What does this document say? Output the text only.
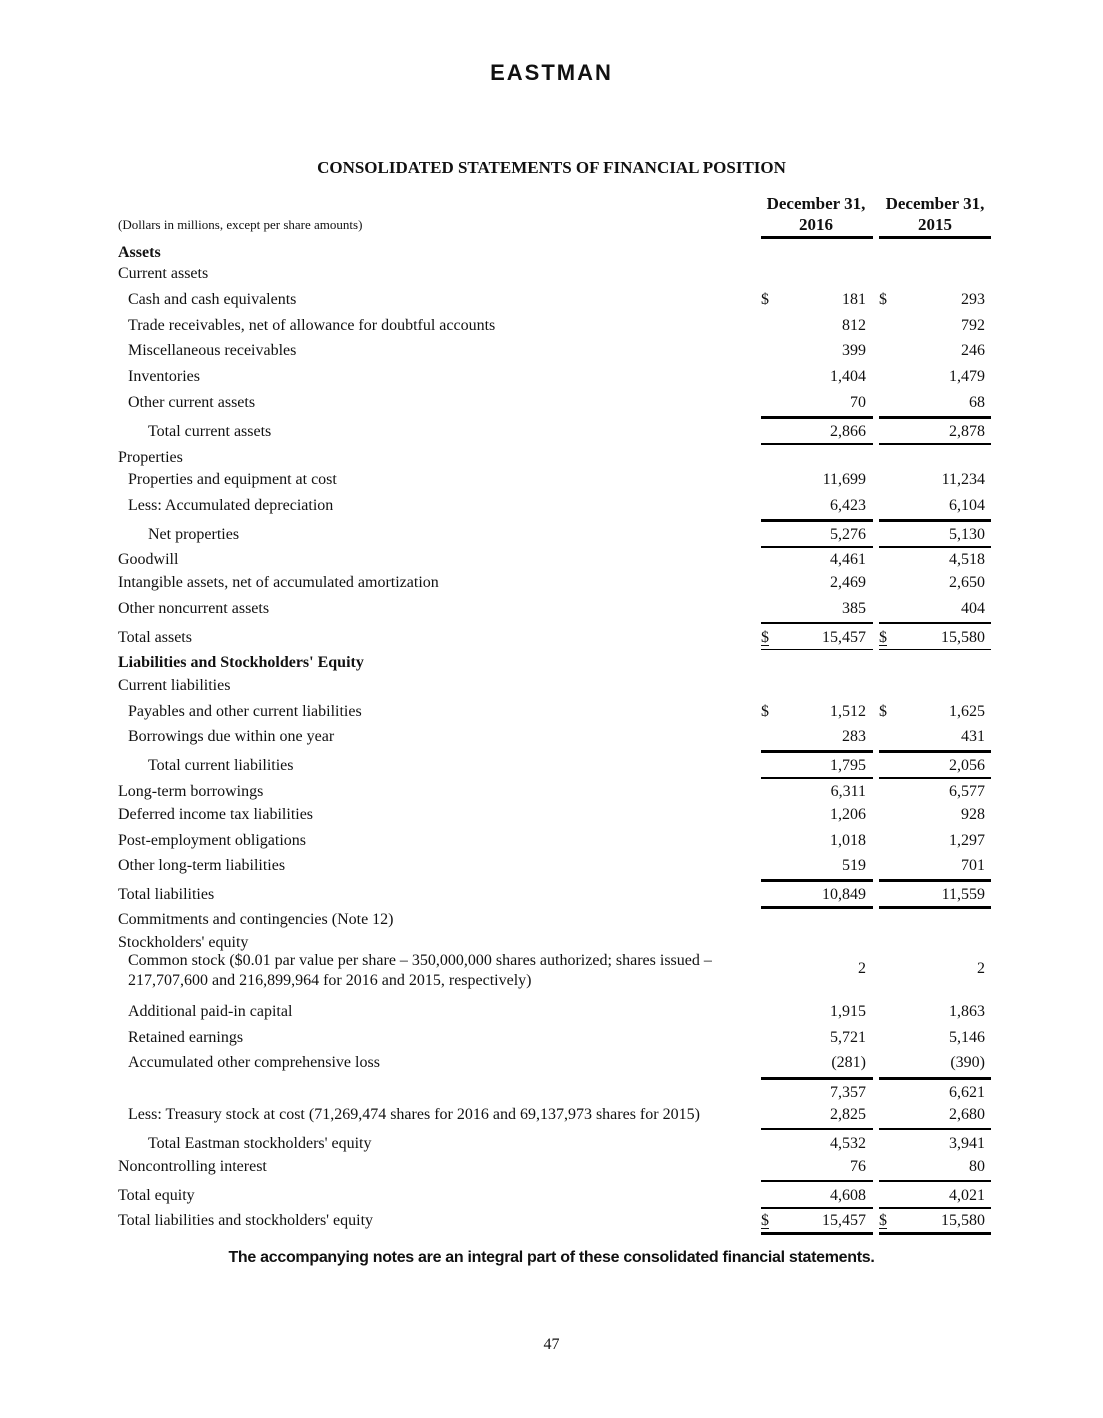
EASTMAN
CONSOLIDATED STATEMENTS OF FINANCIAL POSITION
(Dollars in millions, except per share amounts)
December 31,
2016
December 31,
2015
Assets
Current assets
Cash and cash equivalents	$	181 $	293
Trade receivables, net of allowance for doubtful accounts	812	792
Miscellaneous receivables	399	246
Inventories	1,404	1,479
Other current assets	70	68
Total current assets	2,866	2,878
Properties
Properties and equipment at cost	11,699	11,234
Less: Accumulated depreciation	6,423	6,104
Net properties	5,276	5,130
Goodwill	4,461	4,518
Intangible assets, net of accumulated amortization	2,469	2,650
Other noncurrent assets	385	404
Total assets	$	15,457 $	15,580
Liabilities and Stockholders' Equity
Current liabilities
Payables and other current liabilities	$	1,512 $	1,625
Borrowings due within one year	283	431
Total current liabilities	1,795	2,056
Long-term borrowings	6,311	6,577
Deferred income tax liabilities	1,206	928
Post-employment obligations	1,018	1,297
Other long-term liabilities	519	701
Total liabilities	10,849	11,559
Commitments and contingencies (Note 12)
Stockholders' equity
217,707,600 and 216,899,964 for 2016 and 2015, respectively)
Common stock ($0.01 par value per share – 350,000,000 shares authorized; shares issued –	2	2
Additional paid-in capital	1,915	1,863
Retained earnings	5,721	5,146
Accumulated other comprehensive loss	(281)	(390)
7,357	6,621
Less: Treasury stock at cost (71,269,474 shares for 2016 and 69,137,973 shares for 2015)	2,825	2,680
Total Eastman stockholders' equity	4,532	3,941
Noncontrolling interest	76	80
Total equity	4,608	4,021
Total liabilities and stockholders' equity	$	15,457 $	15,580
The accompanying notes are an integral part of these consolidated financial statements.
47
